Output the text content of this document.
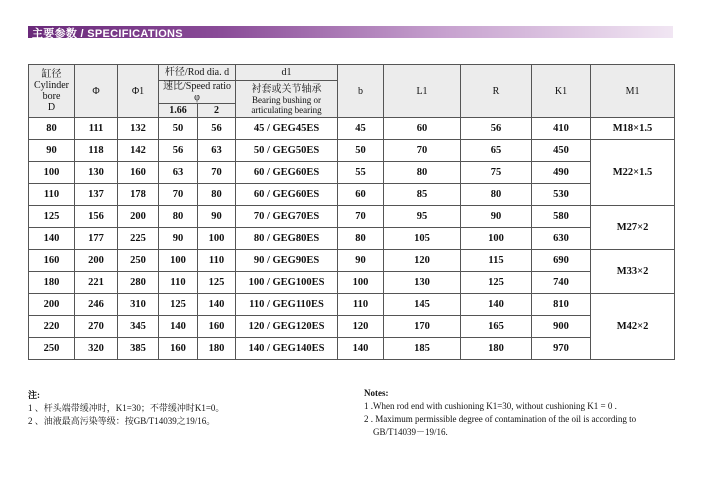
主要参数 / SPECIFICATIONS
缸径
Cylinder
bore
D	Φ	Φ1	杆径/Rod dia. d		d1	b	L1	R	K1	M1
			速比/Speed ratio φ		衬套或关节轴承
Bearing bushing or
articulating bearing					

			1.66	2						
80	111	132	50	56	45 / GEG45ES	45	60	56	410	M18×1.5
90	118	142	56	63	50 / GEG50ES	50	70	65	450	M22×1.5
100	130	160	63	70	60 / GEG60ES	55	80	75	490	
110	137	178	70	80	60 / GEG60ES	60	85	80	530	
125	156	200	80	90	70 / GEG70ES	70	95	90	580	M27×2
140	177	225	90	100	80 / GEG80ES	80	105	100	630	
160	200	250	100	110	90 / GEG90ES	90	120	115	690	M33×2
180	221	280	110	125	100 / GEG100ES	100	130	125	740	
200	246	310	125	140	110 / GEG110ES	110	145	140	810	M42×2
220	270	345	140	160	120 / GEG120ES	120	170	165	900	
250	320	385	160	180	140 / GEG140ES	140	185	180	970	
注:
1 、杆头端带缓冲时，K1=30；不带缓冲时K1=0。
2 、油液最高污染等级：按GB/T14039之19/16。
Notes:
1 .When rod end with cushioning K1=30, without cushioning K1 = 0 .
2 . Maximum permissible degree of contamination of the oil is according to
GB/T14039－19/16.
